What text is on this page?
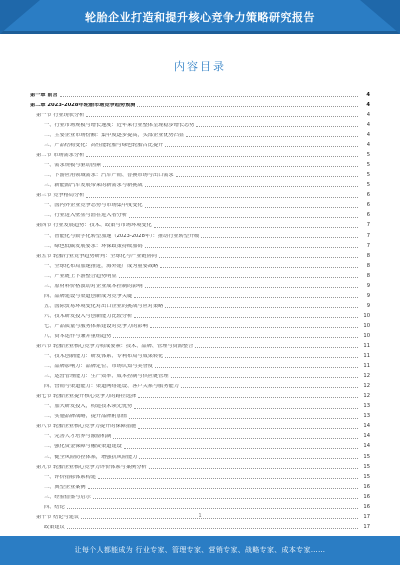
轮胎企业打造和提升核心竞争力策略研究报告
内容目录
第一章 前言	4
第二章 2023-2028年轮胎市场竞争趋势预测	4
第一节 行业现状分析	4
一、行业市场规模与增长速度：近年来行业整体呈现稳步增长态势	4
二、主要企业市场份额：集中度逐步提高，头部企业优势凸显	4
三、产品结构变化：高性能轮胎与绿色轮胎占比提升	4
第二节 市场需求分析	5
一、需求规模与驱动因素	5
二、下游应用领域需求：汽车产销、替换市场与出口需求	5
三、新能源汽车发展带来的新需求与新挑战	5
第三节 竞争格局分析	6
一、国内外企业竞争态势与市场集中度变化	6
二、行业进入壁垒与潜在进入者分析	6
第四节 行业发展趋势：技术、政策与市场环境变化	7
一、智能化与数字化转型加速（2023-2028年）：推动行业转型升级	7
二、绿色低碳发展要求：环保政策持续加码	7
第五节 轮胎行业竞争趋势研判：全球化与产业链协同	8
一、全球化布局加速推进，海外建厂成为重要战略	8
二、产业链上下游整合趋势明显	8
三、原材料价格波动对企业成本控制的影响	9
四、品牌建设与渠道创新成为竞争关键	9
五、国际贸易环境变化对出口企业的挑战与应对策略	9
六、技术研发投入与创新能力比较分析	10
七、产品质量与服务体系建设对竞争力的影响	10
八、资本运作与兼并重组趋势	10
第六节 轮胎企业核心竞争力构成要素：技术、品牌、管理与资源整合	11
一、技术创新能力：研发体系、专利布局与成果转化	11
二、品牌影响力：品牌定位、市场认知与美誉度	11
三、运营管理能力：生产效率、成本控制与供应链管理	12
四、营销与渠道能力：渠道网络建设、客户关系与服务能力	12
第七节 轮胎企业提升核心竞争力的路径选择	12
一、加大研发投入，构建技术领先优势	13
二、实施品牌战略，提升品牌附加值	13
第八节 轮胎企业核心竞争力提升的保障措施	14
一、完善人才培养与激励机制	14
二、强化资金保障与融资渠道建设	14
三、健全风险防控体系，增强抗风险能力	15
第九节 轮胎企业核心竞争力评价体系与案例分析	15
一、评价指标体系构建	15
二、典型企业案例	16
三、经验借鉴与启示	16
四、结论	16
第十节 结论与建议	17
政策建议	17
1
让每个人都能成为 行业专家、管理专家、营销专家、战略专家、成本专家……
